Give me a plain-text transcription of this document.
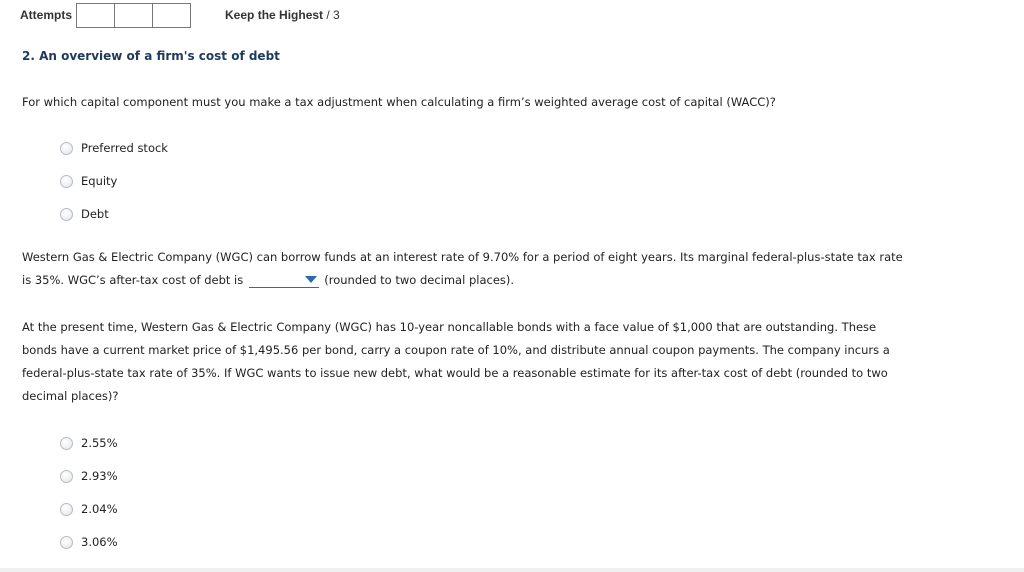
Attempts	Keep the Highest / 3
2. An overview of a firm's cost of debt
For which capital component must you make a tax adjustment when calculating a firm’s weighted average cost of capital (WACC)?
Preferred stock
Equity
Debt
Western Gas & Electric Company (WGC) can borrow funds at an interest rate of 9.70% for a period of eight years. Its marginal federal-plus-state tax rate is 35%. WGC’s after-tax cost of debt is	(rounded to two decimal places).
At the present time, Western Gas & Electric Company (WGC) has 10-year noncallable bonds with a face value of $1,000 that are outstanding. These bonds have a current market price of $1,495.56 per bond, carry a coupon rate of 10%, and distribute annual coupon payments. The company incurs a federal-plus-state tax rate of 35%. If WGC wants to issue new debt, what would be a reasonable estimate for its after-tax cost of debt (rounded to two decimal places)?
2.55%
2.93%
2.04%
3.06%
